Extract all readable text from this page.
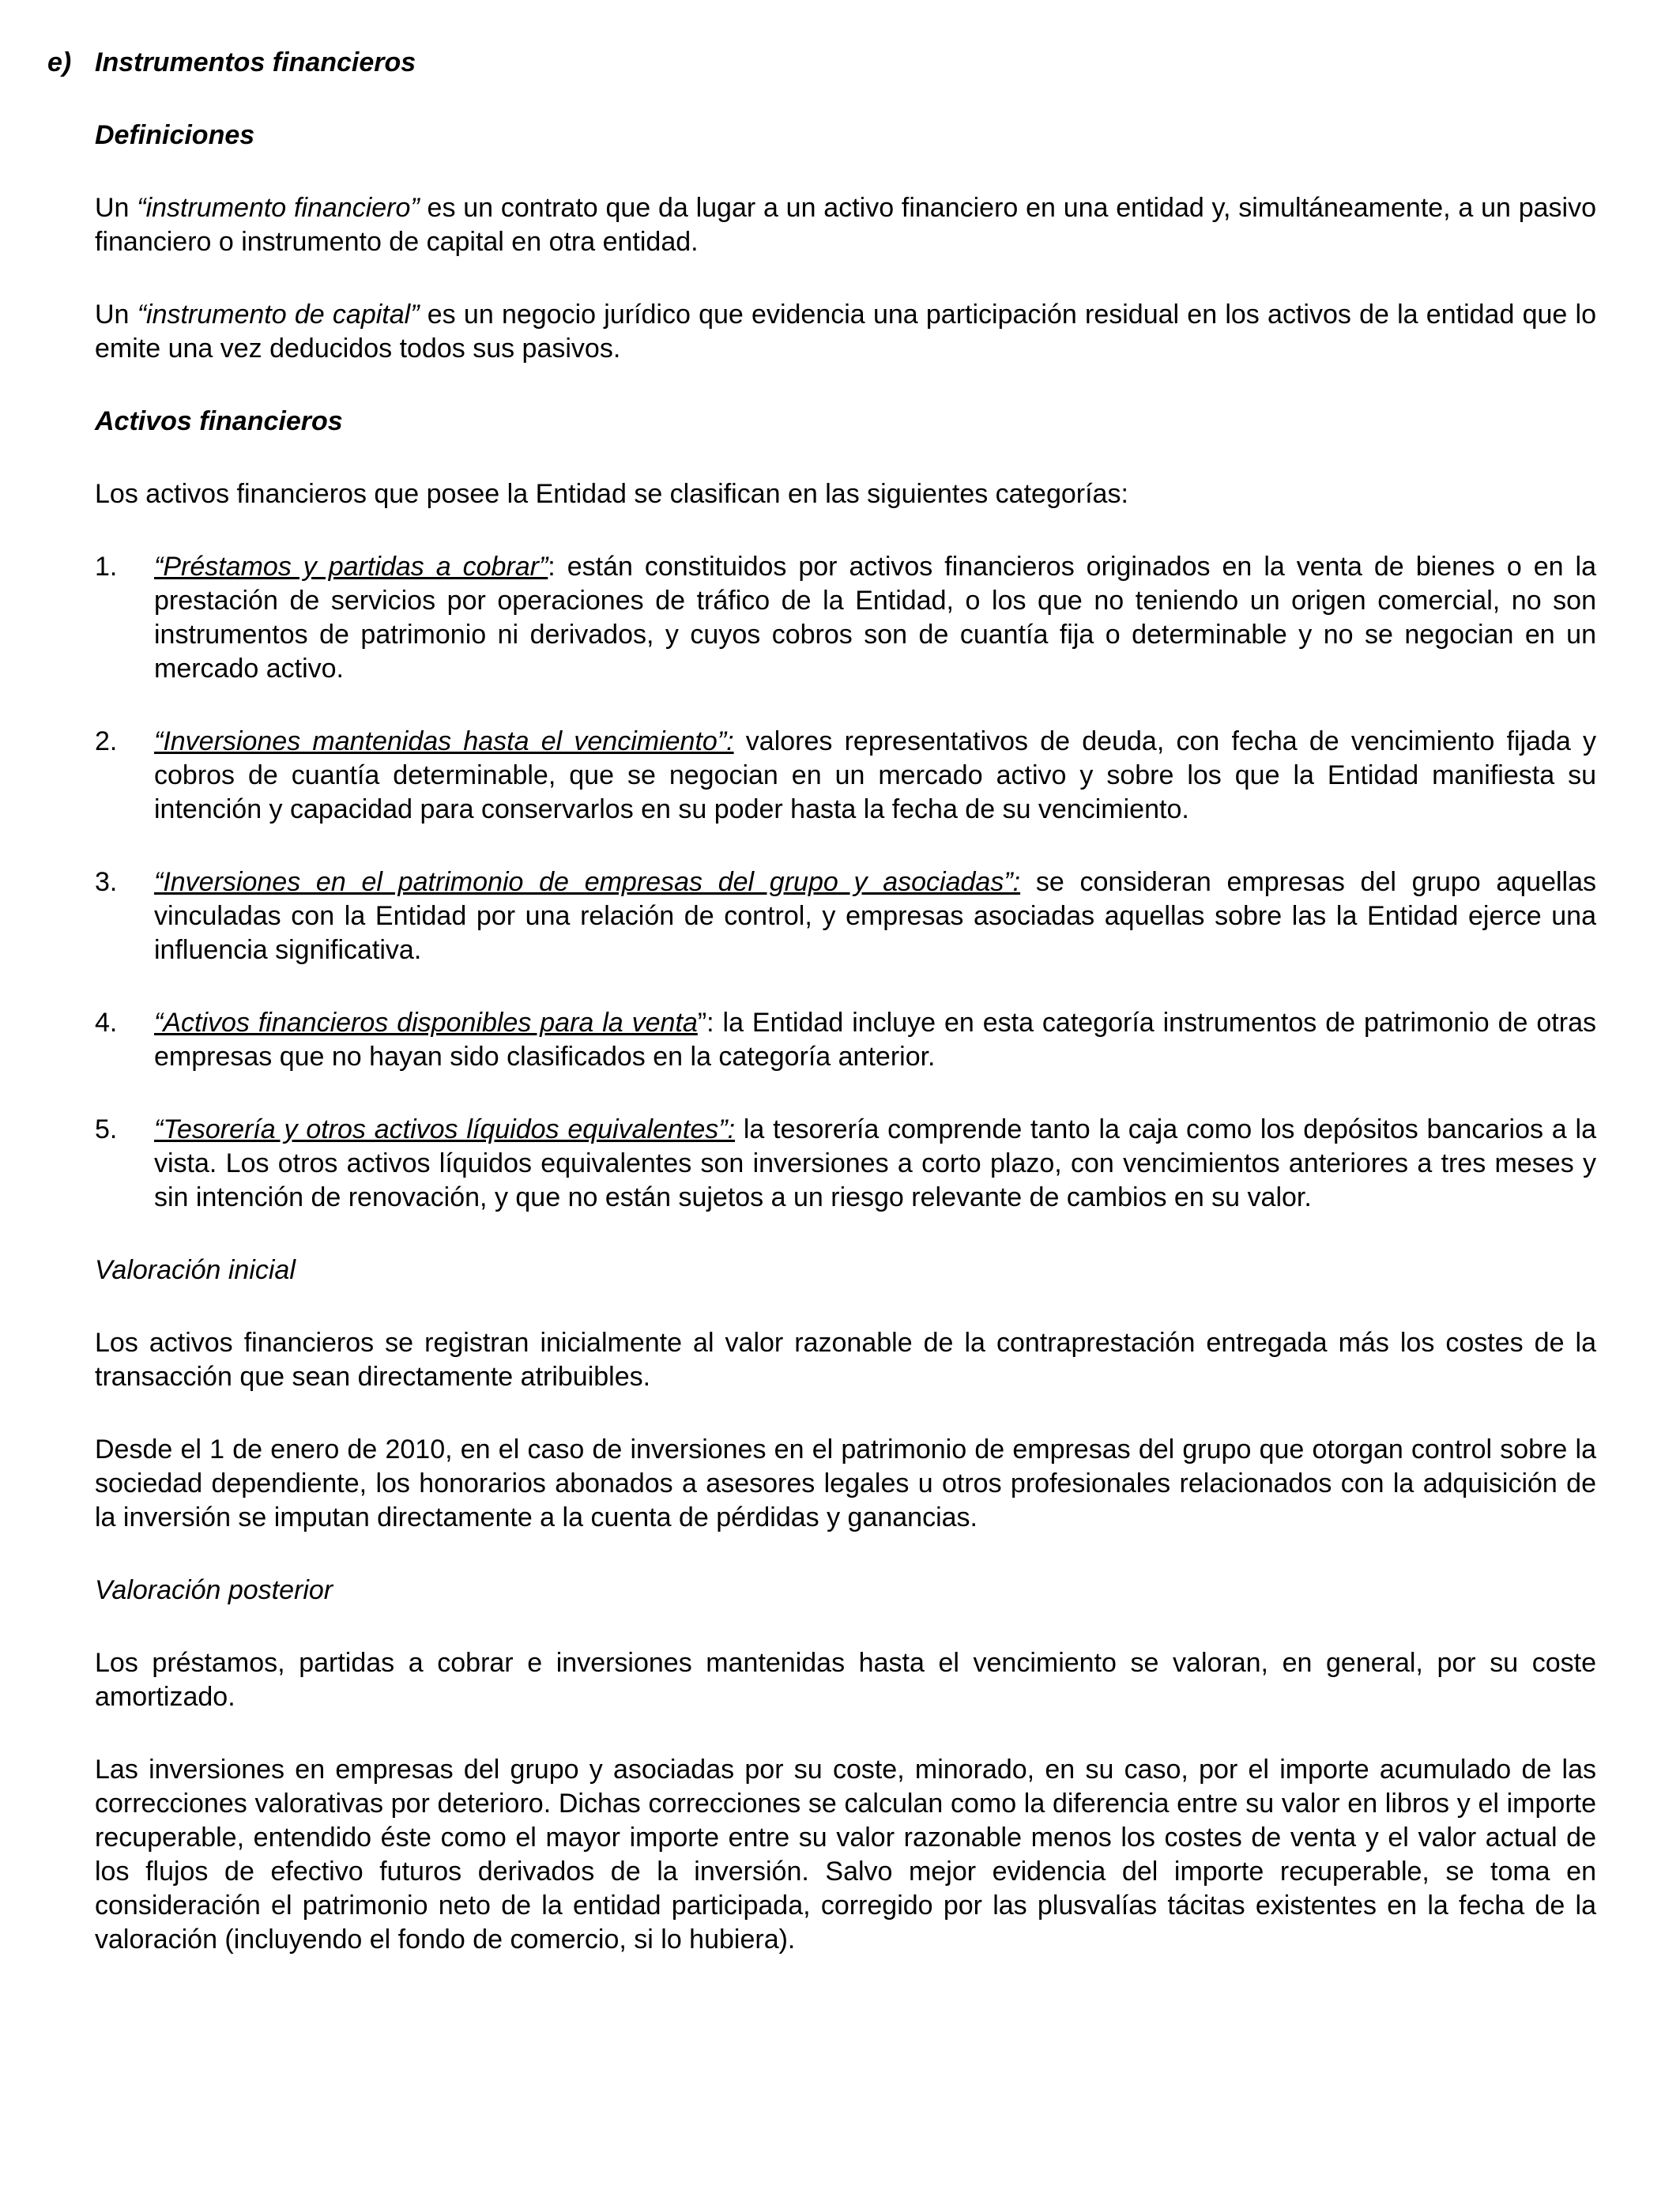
e) Instrumentos financieros
Definiciones

Un “instrumento financiero” es un contrato que da lugar a un activo financiero en una entidad y, simultáneamente, a un pasivo financiero o instrumento de capital en otra entidad.

Un “instrumento de capital” es un negocio jurídico que evidencia una participación residual en los activos de la entidad que lo emite una vez deducidos todos sus pasivos.

Activos financieros

Los activos financieros que posee la Entidad se clasifican en las siguientes categorías:

1. “Préstamos y partidas a cobrar”: están constituidos por activos financieros originados en la venta de bienes o en la prestación de servicios por operaciones de tráfico de la Entidad, o los que no teniendo un origen comercial, no son instrumentos de patrimonio ni derivados, y cuyos cobros son de cuantía fija o determinable y no se negocian en un mercado activo.
2. “Inversiones mantenidas hasta el vencimiento”: valores representativos de deuda, con fecha de vencimiento fijada y cobros de cuantía determinable, que se negocian en un mercado activo y sobre los que la Entidad manifiesta su intención y capacidad para conservarlos en su poder hasta la fecha de su vencimiento.
3. “Inversiones en el patrimonio de empresas del grupo y asociadas”: se consideran empresas del grupo aquellas vinculadas con la Entidad por una relación de control, y empresas asociadas aquellas sobre las la Entidad ejerce una influencia significativa.
4. “Activos financieros disponibles para la venta”: la Entidad incluye en esta categoría instrumentos de patrimonio de otras empresas que no hayan sido clasificados en la categoría anterior.
5. “Tesorería y otros activos líquidos equivalentes”: la tesorería comprende tanto la caja como los depósitos bancarios a la vista. Los otros activos líquidos equivalentes son inversiones a corto plazo, con vencimientos anteriores a tres meses y sin intención de renovación, y que no están sujetos a un riesgo relevante de cambios en su valor.
Valoración inicial

Los activos financieros se registran inicialmente al valor razonable de la contraprestación entregada más los costes de la transacción que sean directamente atribuibles.

Desde el 1 de enero de 2010, en el caso de inversiones en el patrimonio de empresas del grupo que otorgan control sobre la sociedad dependiente, los honorarios abonados a asesores legales u otros profesionales relacionados con la adquisición de la inversión se imputan directamente a la cuenta de pérdidas y ganancias.

Valoración posterior

Los préstamos, partidas a cobrar e inversiones mantenidas hasta el vencimiento se valoran, en general, por su coste amortizado.

Las inversiones en empresas del grupo y asociadas por su coste, minorado, en su caso, por el importe acumulado de las correcciones valorativas por deterioro. Dichas correcciones se calculan como la diferencia entre su valor en libros y el importe recuperable, entendido éste como el mayor importe entre su valor razonable menos los costes de venta y el valor actual de los flujos de efectivo futuros derivados de la inversión. Salvo mejor evidencia del importe recuperable, se toma en consideración el patrimonio neto de la entidad participada, corregido por las plusvalías tácitas existentes en la fecha de la valoración (incluyendo el fondo de comercio, si lo hubiera).
